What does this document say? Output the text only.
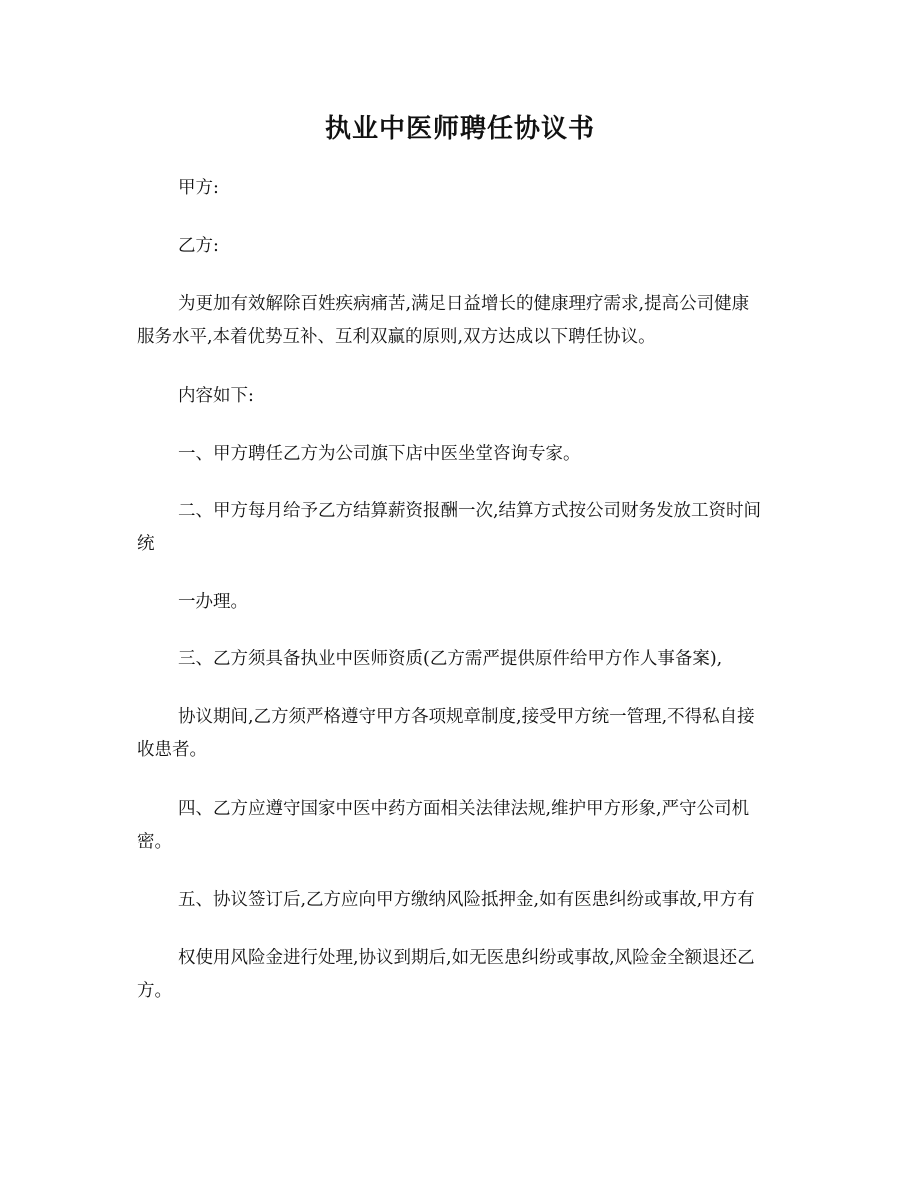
执业中医师聘任协议书
甲方:
乙方:
为更加有效解除百姓疾病痛苦,满足日益增长的健康理疗需求,提高公司健康
服务水平,本着优势互补、互利双赢的原则,双方达成以下聘任协议。
内容如下:
一、甲方聘任乙方为公司旗下店中医坐堂咨询专家。
二、甲方每月给予乙方结算薪资报酬一次,结算方式按公司财务发放工资时间
统
一办理。
三、乙方须具备执业中医师资质(乙方需严提供原件给甲方作人事备案),
协议期间,乙方须严格遵守甲方各项规章制度,接受甲方统一管理,不得私自接
收患者。
四、乙方应遵守国家中医中药方面相关法律法规,维护甲方形象,严守公司机
密。
五、协议签订后,乙方应向甲方缴纳风险抵押金,如有医患纠纷或事故,甲方有
权使用风险金进行处理,协议到期后,如无医患纠纷或事故,风险金全额退还乙
方。
